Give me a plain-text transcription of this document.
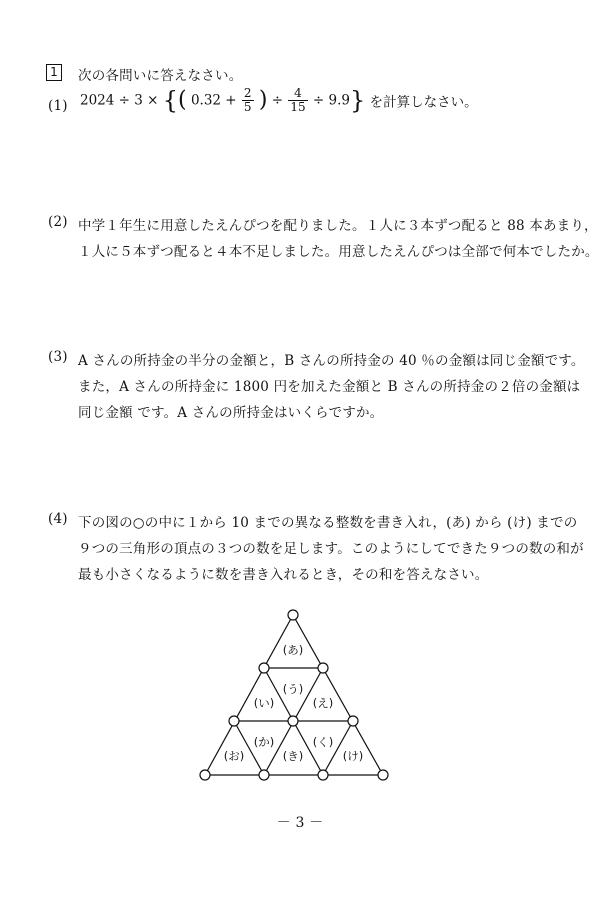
1	次の各問いに答えなさい。
(1) 2024 ÷ 3 × {( $0.32 + \frac{2}{5}$ ) ÷ $\frac{4}{15} \div 9.9$} を計算しなさい。
(2) 中学１年生に用意したえんぴつを配りました。１人に３本ずつ配ると 88 本あまり，
１人に５本ずつ配ると４本不足しました。用意したえんぴつは全部で何本でしたか。
(3) A さんの所持金の半分の金額と，B さんの所持金の 40 ％の金額は同じ金額です。
また，A さんの所持金に 1800 円を加えた金額と B さんの所持金の２倍の金額は
同じ金額 です。A さんの所持金はいくらですか。
(4) 下の図の○の中に１から 10 までの異なる整数を書き入れ，(あ) から (け) までの
９つの三角形の頂点の３つの数を足します。このようにしてできた９つの数の和が
最も小さくなるように数を書き入れるとき，その和を答えなさい。
(あ)
(い)
(う)
(え)
(お)
(か)
(き)
(く)
(け)
－ 3 －
